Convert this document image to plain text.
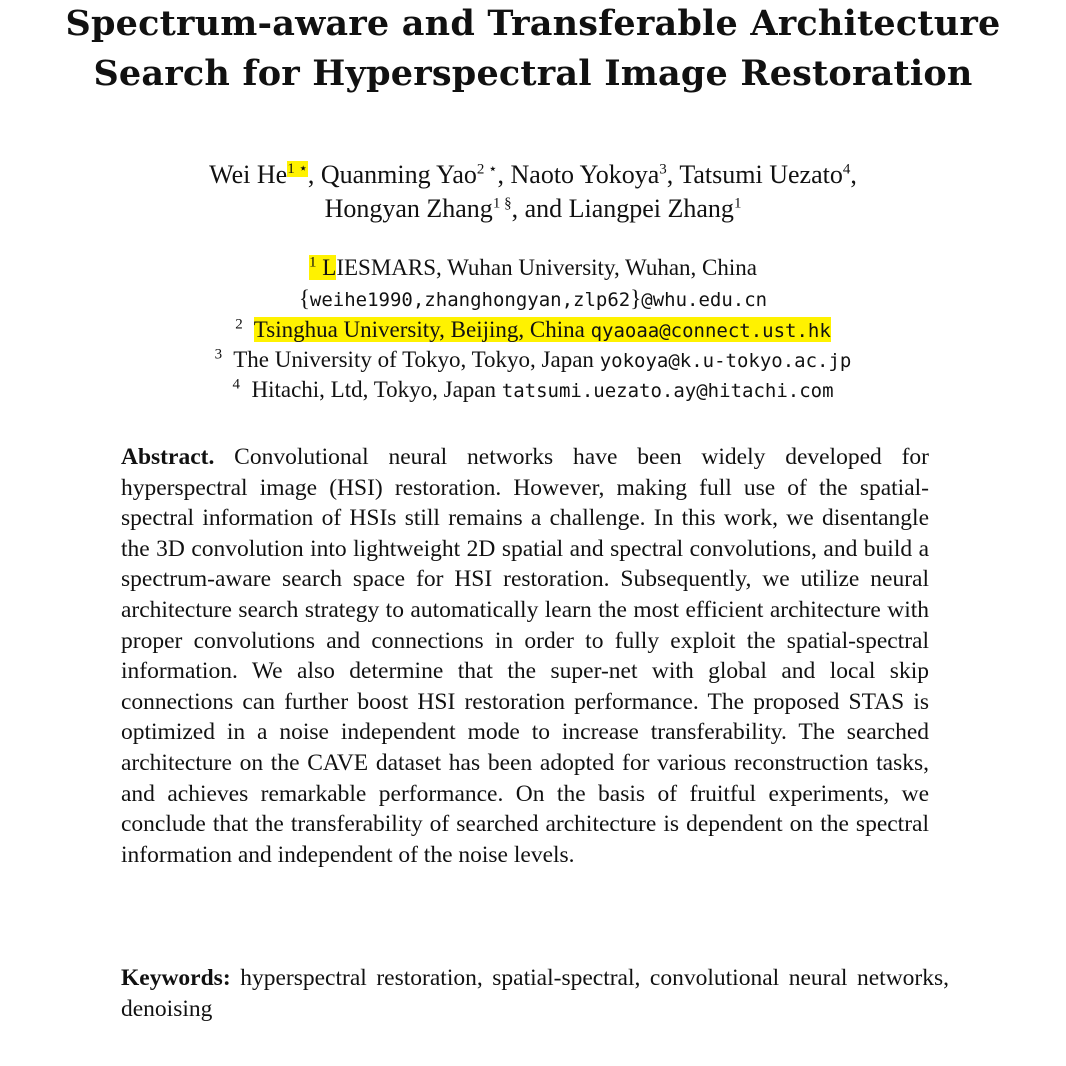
Spectrum-aware and Transferable Architecture
Search for Hyperspectral Image Restoration
Wei $He^{1 ⋆}$, Quanming Yao$^{2 ⋆}$, Naoto Yokoya$^3$, Tatsumi Uezato$^4$,
Hongyan Zhang$^{1 \S}$, and Liangpei Zhang$^1$
$^1$ LIESMARS, Wuhan University, Wuhan, China
{weihe1990,zhanghongyan,zlp62}@whu.edu.cn
$^2$ Tsinghua University, Beijing, China qyaoaa@connect.ust.hk
$^3$ The University of Tokyo, Tokyo, Japan yokoya@k.u-tokyo.ac.jp
$^4$ Hitachi, Ltd, Tokyo, Japan tatsumi.uezato.ay@hitachi.com
Abstract. Convolutional neural networks have been widely developed for hyperspectral image (HSI) restoration. However, making full use of the spatial-spectral information of HSIs still remains a challenge. In this work, we disentangle the 3D convolution into lightweight 2D spatial and spectral convolutions, and build a spectrum-aware search space for HSI restoration. Subsequently, we utilize neural architecture search strategy to automatically learn the most efficient architecture with proper convolutions and connections in order to fully exploit the spatial-spectral information. We also determine that the super-net with global and local skip connections can further boost HSI restoration performance. The proposed STAS is optimized in a noise independent mode to increase transferability. The searched architecture on the CAVE dataset has been adopted for various reconstruction tasks, and achieves remarkable performance. On the basis of fruitful experiments, we conclude that the transferability of searched architecture is dependent on the spectral information and independent of the noise levels.
Keywords: hyperspectral restoration, spatial-spectral, convolutional neural networks, denoising
